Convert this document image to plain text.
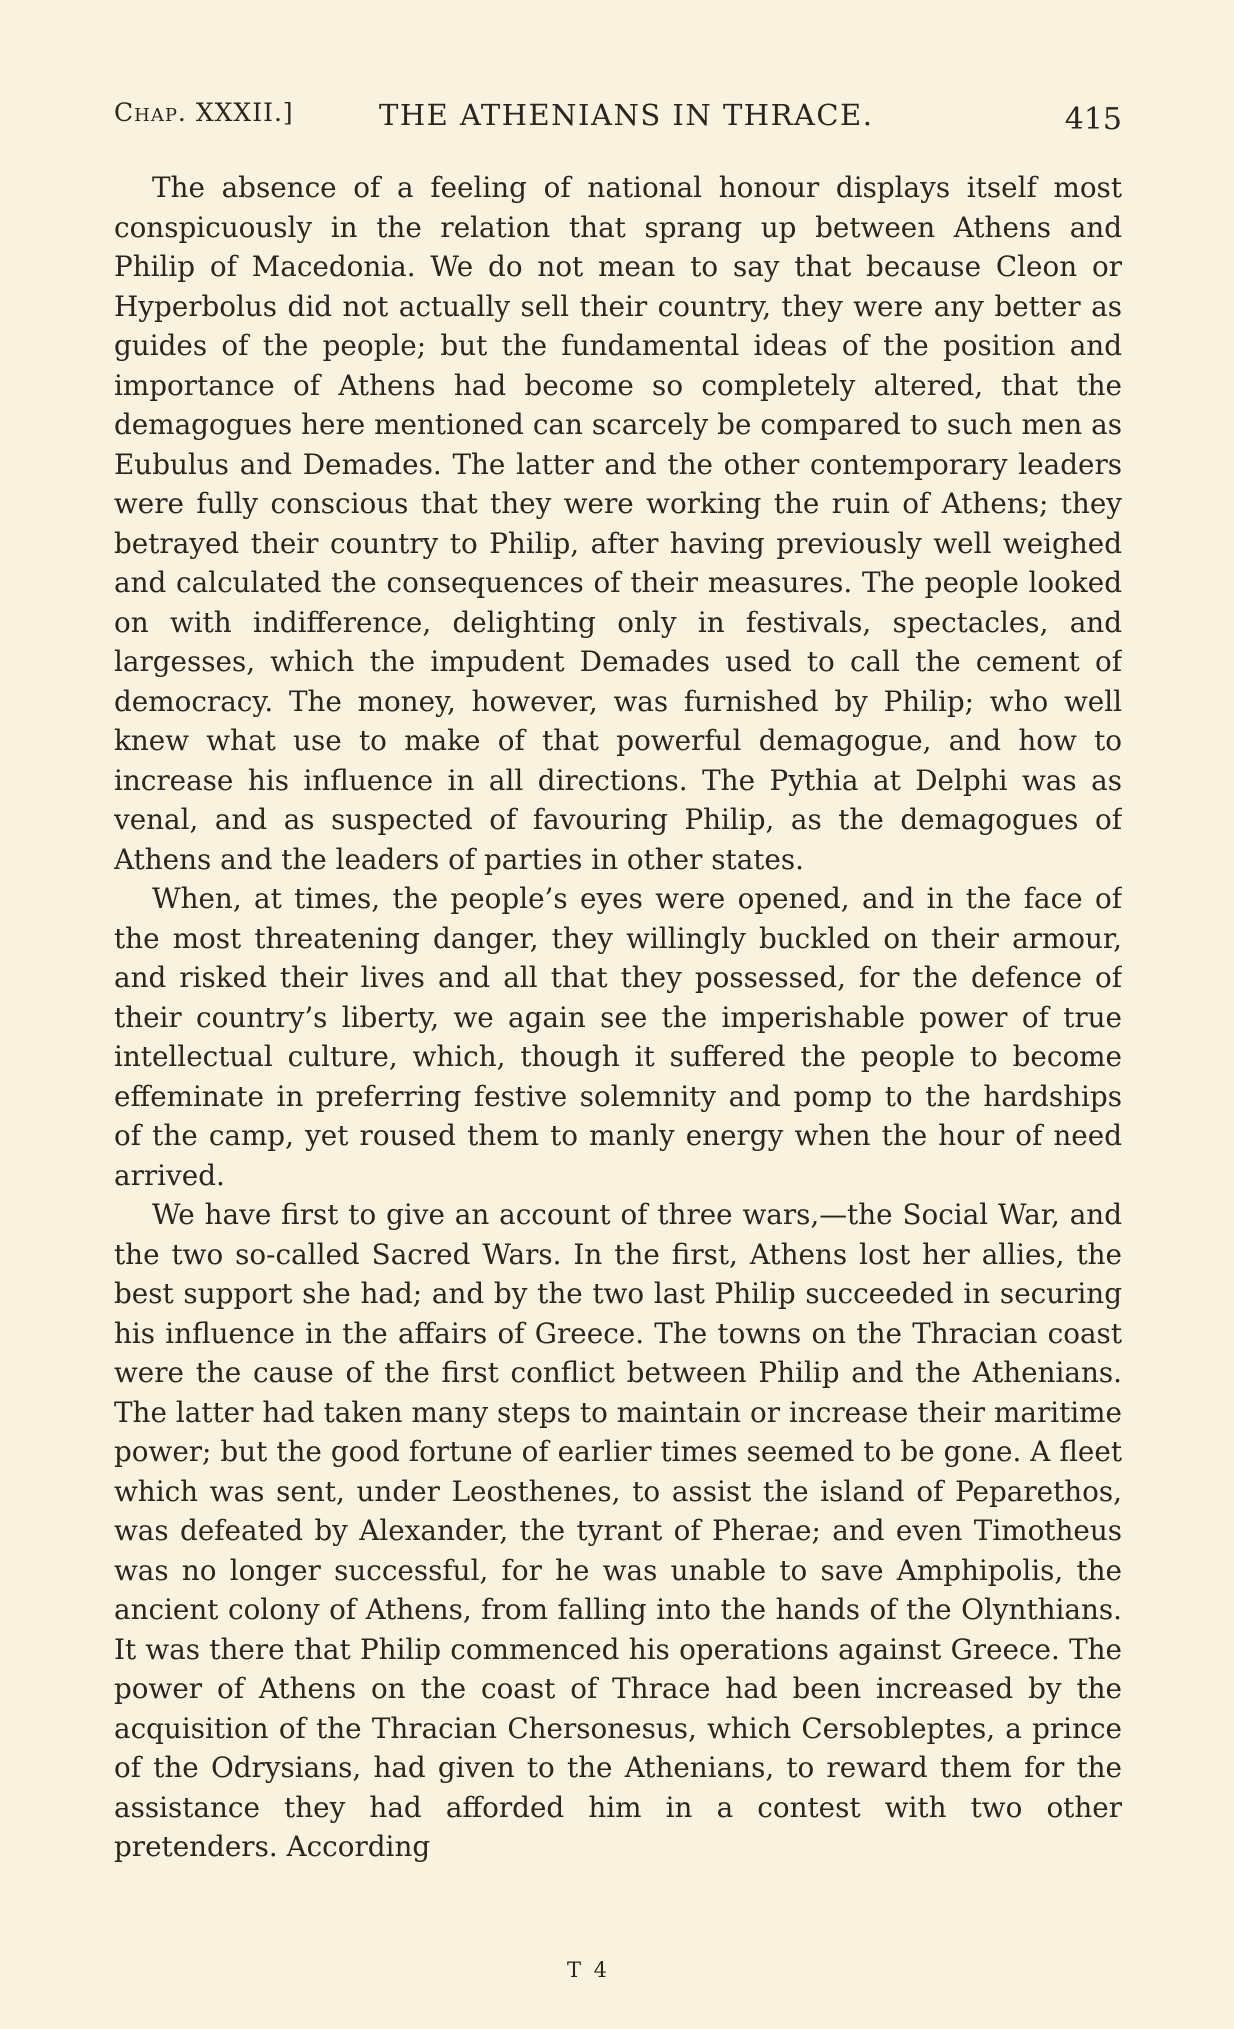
Chap. XXXII.]	THE ATHENIANS IN THRACE.	415

The absence of a feeling of national honour displays itself most conspicuously in the relation that sprang up between Athens and Philip of Macedonia. We do not mean to say that because Cleon or Hyperbolus did not actually sell their country, they were any better as guides of the people; but the fundamental ideas of the position and importance of Athens had become so completely altered, that the demagogues here mentioned can scarcely be compared to such men as Eubulus and Demades. The latter and the other contemporary leaders were fully conscious that they were working the ruin of Athens; they betrayed their country to Philip, after having previously well weighed and calculated the consequences of their measures. The people looked on with indifference, delighting only in festivals, spectacles, and largesses, which the impudent Demades used to call the cement of democracy. The money, however, was furnished by Philip; who well knew what use to make of that powerful demagogue, and how to increase his influence in all directions. The Pythia at Delphi was as venal, and as suspected of favouring Philip, as the demagogues of Athens and the leaders of parties in other states.

When, at times, the people’s eyes were opened, and in the face of the most threatening danger, they willingly buckled on their armour, and risked their lives and all that they possessed, for the defence of their country’s liberty, we again see the imperishable power of true intellectual culture, which, though it suffered the people to become effeminate in preferring festive solemnity and pomp to the hardships of the camp, yet roused them to manly energy when the hour of need arrived.

We have first to give an account of three wars,—the Social War, and the two so-called Sacred Wars. In the first, Athens lost her allies, the best support she had; and by the two last Philip succeeded in securing his influence in the affairs of Greece. The towns on the Thracian coast were the cause of the first conflict between Philip and the Athenians. The latter had taken many steps to maintain or increase their maritime power; but the good fortune of earlier times seemed to be gone. A fleet which was sent, under Leosthenes, to assist the island of Peparethos, was defeated by Alexander, the tyrant of Pherae; and even Timotheus was no longer successful, for he was unable to save Amphipolis, the ancient colony of Athens, from falling into the hands of the Olynthians. It was there that Philip commenced his operations against Greece. The power of Athens on the coast of Thrace had been increased by the acquisition of the Thracian Chersonesus, which Cersobleptes, a prince of the Odrysians, had given to the Athenians, to reward them for the assistance they had afforded him in a contest with two other pretenders. According

T 4
